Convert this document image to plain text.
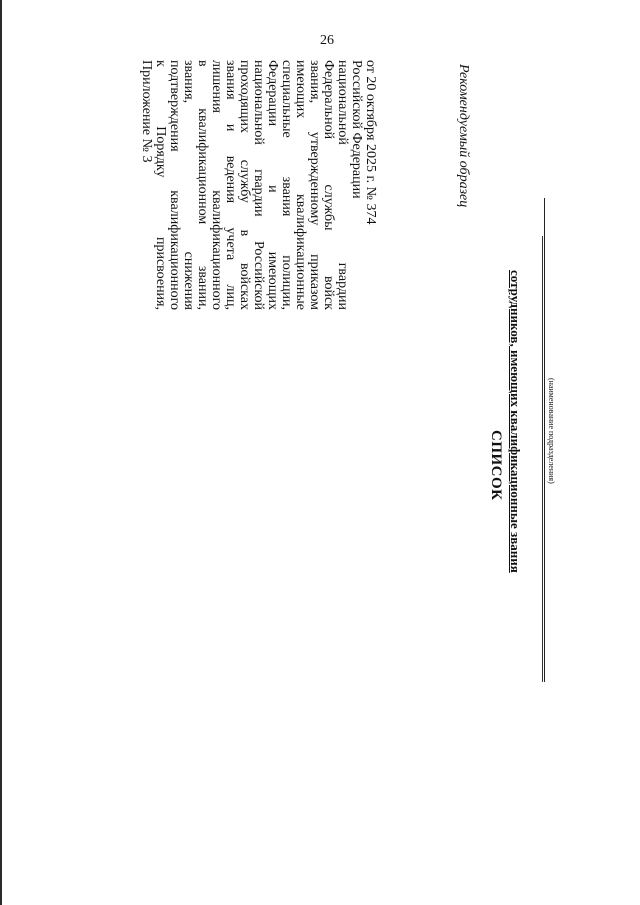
26
от 20 октября 2025 г. № 374
Российской Федерации
национальной гвардии
Федеральной службы войск
звания, утвержденному приказом
имеющих квалификационные
специальные звания полиции,
Федерации и имеющих
национальной гвардии Российской
проходящих службу в войсках
звания и ведения учета лиц,
лишения квалификационного
в квалификационном звании,
звания, снижения
подтверждения квалификационного
к Порядку присвоения,
Приложение № 3	Рекомендуемый образец
СПИСОК сотрудников, имеющих квалификационные звания	(наименование подразделения)
